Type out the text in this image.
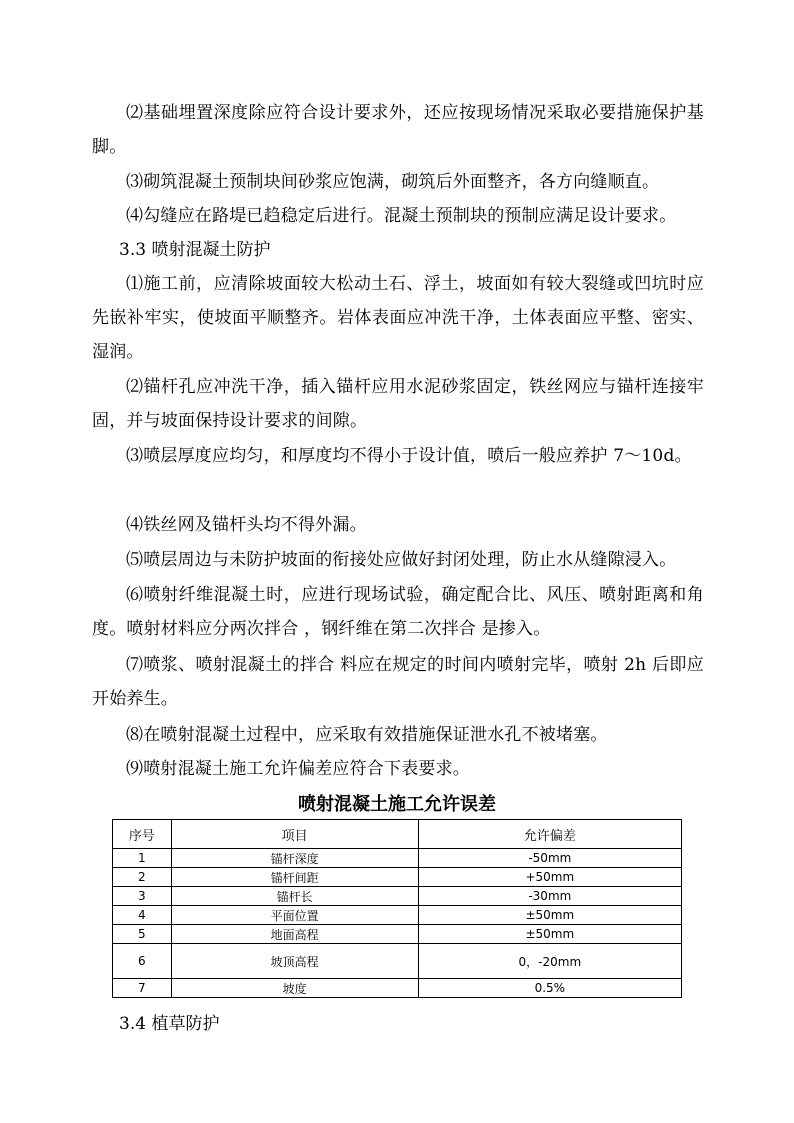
⑵基础埋置深度除应符合设计要求外，还应按现场情况采取必要措施保护基脚。

⑶砌筑混凝土预制块间砂浆应饱满，砌筑后外面整齐，各方向缝顺直。

⑷勾缝应在路堤已趋稳定后进行。混凝土预制块的预制应满足设计要求。

3.3 喷射混凝土防护

⑴施工前，应清除坡面较大松动土石、浮土，坡面如有较大裂缝或凹坑时应先嵌补牢实，使坡面平顺整齐。岩体表面应冲洗干净，土体表面应平整、密实、湿润。

⑵锚杆孔应冲洗干净，插入锚杆应用水泥砂浆固定，铁丝网应与锚杆连接牢固，并与坡面保持设计要求的间隙。

⑶喷层厚度应均匀，和厚度均不得小于设计值，喷后一般应养护 7～10d。

⑷铁丝网及锚杆头均不得外漏。

⑸喷层周边与未防护坡面的衔接处应做好封闭处理，防止水从缝隙浸入。

⑹喷射纤维混凝土时，应进行现场试验，确定配合比、风压、喷射距离和角度。喷射材料应分两次拌合 ，钢纤维在第二次拌合 是掺入。

⑺喷浆、喷射混凝土的拌合 料应在规定的时间内喷射完毕，喷射 2h 后即应开始养生。

⑻在喷射混凝土过程中，应采取有效措施保证泄水孔不被堵塞。

⑼喷射混凝土施工允许偏差应符合下表要求。

喷射混凝土施工允许误差
序号	项目	允许偏差
1	锚杆深度	-50mm
2	锚杆间距	+50mm
3	锚杆长	-30mm
4	平面位置	±50mm
5	地面高程	±50mm
6	坡顶高程	0，-20mm
7	坡度	0.5%

3.4 植草防护
